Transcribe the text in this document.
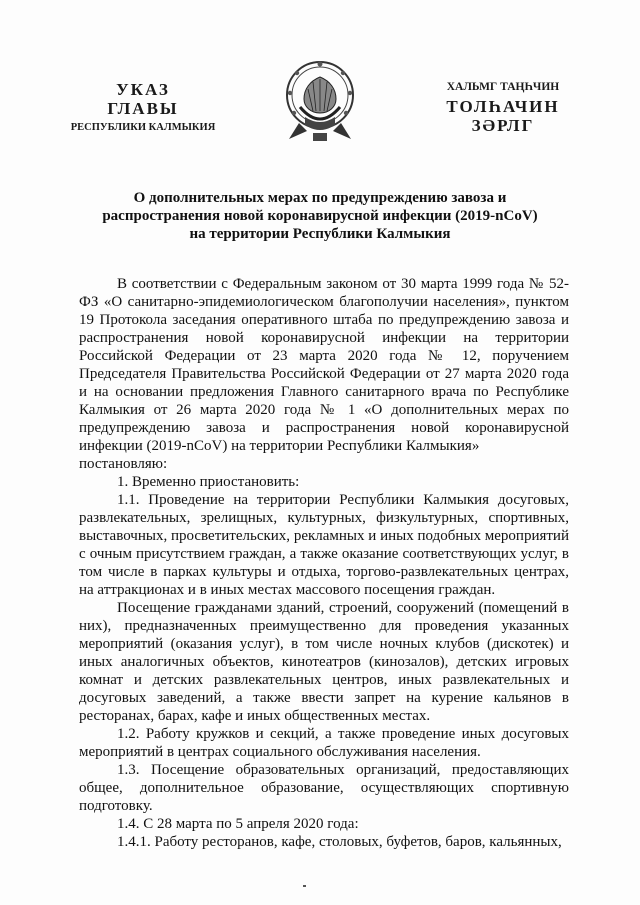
УКАЗ
ГЛАВЫ
РЕСПУБЛИКИ КАЛМЫКИЯ
ХАЛЬМГ ТАҢҺЧИН
ТОЛҺАЧИН
ЗӘРЛГ
О дополнительных мерах по предупреждению завоза и
распространения новой коронавирусной инфекции (2019-nCoV)
на территории Республики Калмыкия

В соответствии с Федеральным законом от 30 марта 1999 года № 52-ФЗ «О санитарно-эпидемиологическом благополучии населения», пунктом 19 Протокола заседания оперативного штаба по предупреждению завоза и распространения новой коронавирусной инфекции на территории Российской Федерации от 23 марта 2020 года № 12, поручением Председателя Правительства Российской Федерации от 27 марта 2020 года и на основании предложения Главного санитарного врача по Республике Калмыкия от 26 марта 2020 года № 1 «О дополнительных мерах по предупреждению завоза и распространения новой коронавирусной инфекции (2019-nCoV) на территории Республики Калмыкия»

постановляю:

1. Временно приостановить:

1.1. Проведение на территории Республики Калмыкия досуговых, развлекательных, зрелищных, культурных, физкультурных, спортивных, выставочных, просветительских, рекламных и иных подобных мероприятий с очным присутствием граждан, а также оказание соответствующих услуг, в том числе в парках культуры и отдыха, торгово-развлекательных центрах, на аттракционах и в иных местах массового посещения граждан.

Посещение гражданами зданий, строений, сооружений (помещений в них), предназначенных преимущественно для проведения указанных мероприятий (оказания услуг), в том числе ночных клубов (дискотек) и иных аналогичных объектов, кинотеатров (кинозалов), детских игровых комнат и детских развлекательных центров, иных развлекательных и досуговых заведений, а также ввести запрет на курение кальянов в ресторанах, барах, кафе и иных общественных местах.

1.2. Работу кружков и секций, а также проведение иных досуговых мероприятий в центрах социального обслуживания населения.

1.3. Посещение образовательных организаций, предоставляющих общее, дополнительное образование, осуществляющих спортивную подготовку.

1.4. С 28 марта по 5 апреля 2020 года:

1.4.1. Работу ресторанов, кафе, столовых, буфетов, баров, кальянных,
